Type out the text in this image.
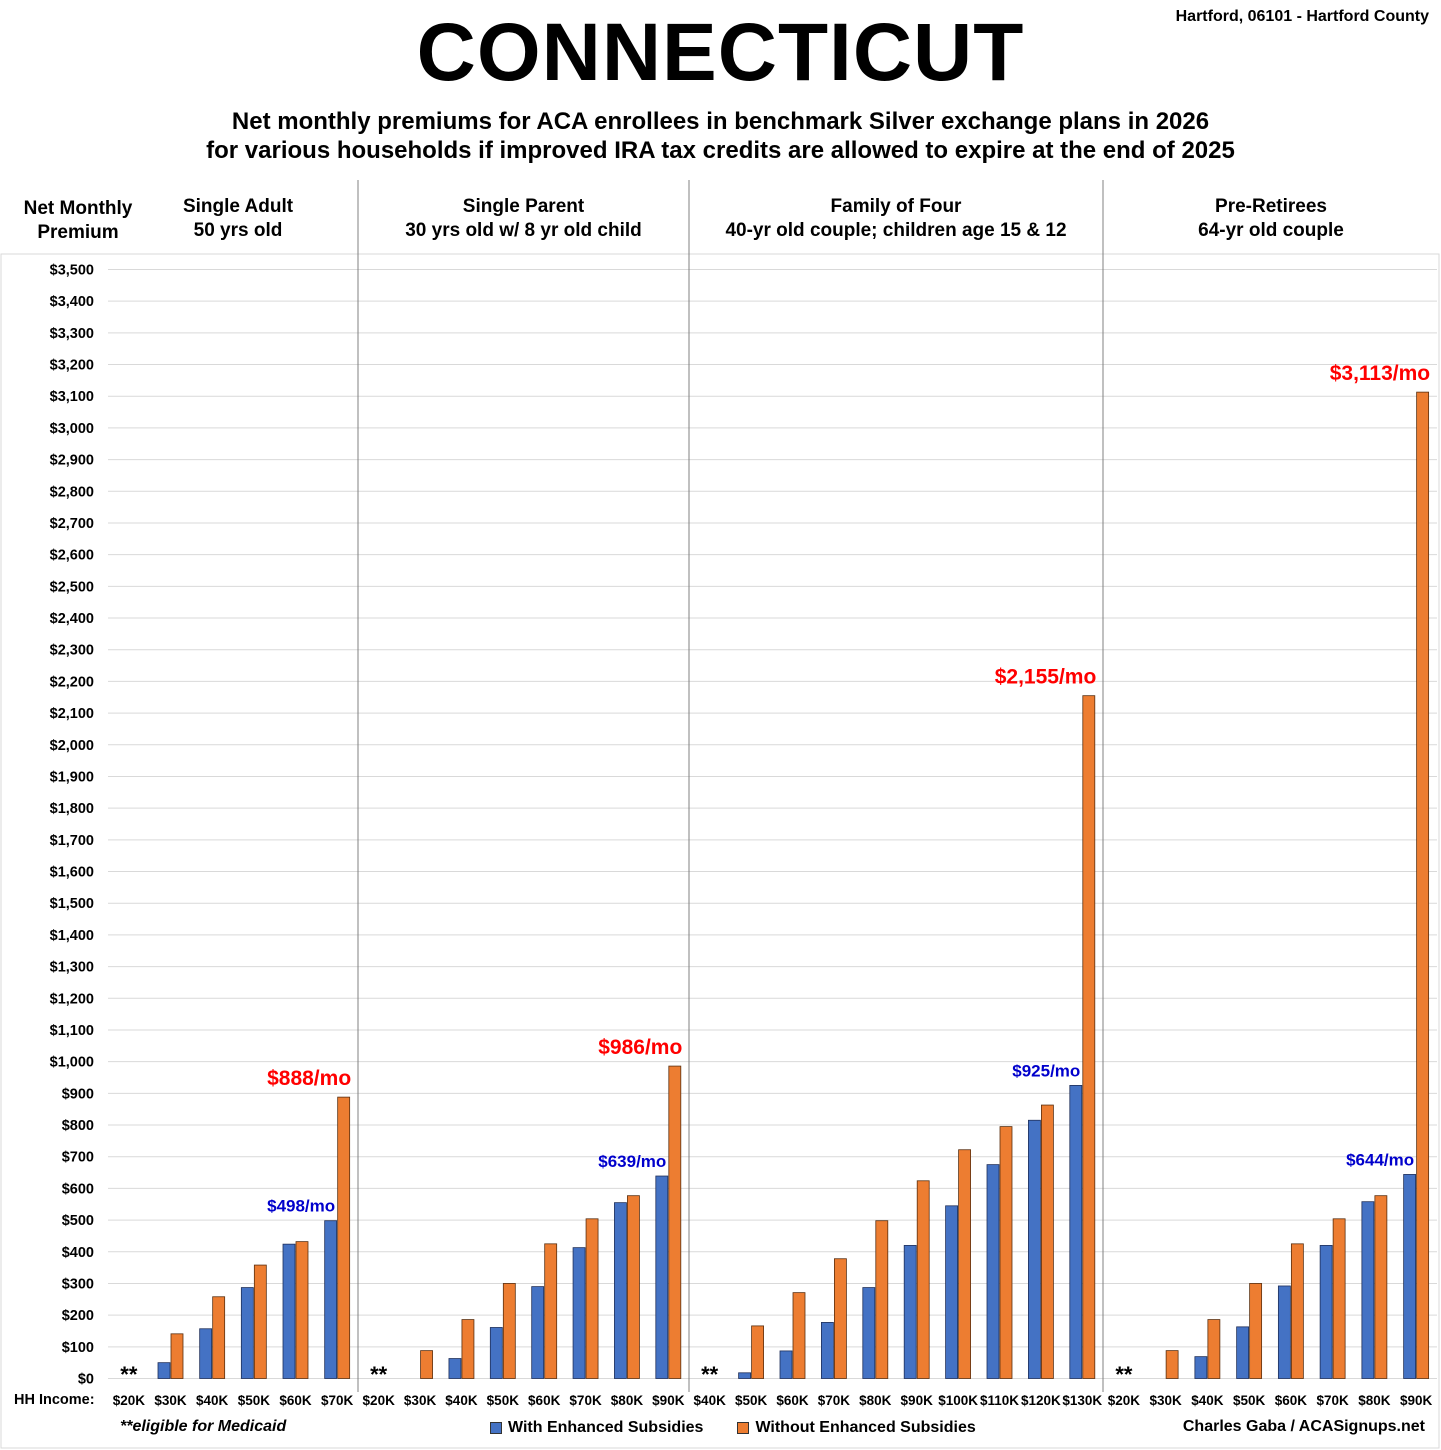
CONNECTICUT	Hartford, 06101 - Hartford County
Net monthly premiums for ACA enrollees in benchmark Silver exchange plans in 2026
for various households if improved IRA tax credits are allowed to expire at the end of 2025
Net Monthly
Premium
Single Adult
50 yrs old
Single Parent
30 yrs old w/ 8 yr old child
Family of Four
40-yr old couple; children age 15 & 12
Pre-Retirees
64-yr old couple
$0
$100
$200
$300
$400
$500
$600
$700
$800
$900
$1,000
$1,100
$1,200
$1,300
$1,400
$1,500
$1,600
$1,700
$1,800
$1,900
$2,000
$2,100
$2,200
$2,300
$2,400
$2,500
$2,600
$2,700
$2,800
$2,900
$3,000
$3,100
$3,200
$3,300
$3,400
$3,500
HH Income: $20K $30K $40K $50K $60K $70K
**
$888/mo
$498/mo
$20K $30K $40K $50K $60K $70K $80K $90K
**
$986/mo
$639/mo
$40K $50K $60K $70K $80K $90K $100K $110K $120K $130K
**
$2,155/mo
$925/mo
$20K $30K $40K $50K $60K $70K $80K $90K
**
$3,113/mo
$644/mo
**eligible for Medicaid	With Enhanced Subsidies	Without Enhanced Subsidies	Charles Gaba / ACASignups.net
